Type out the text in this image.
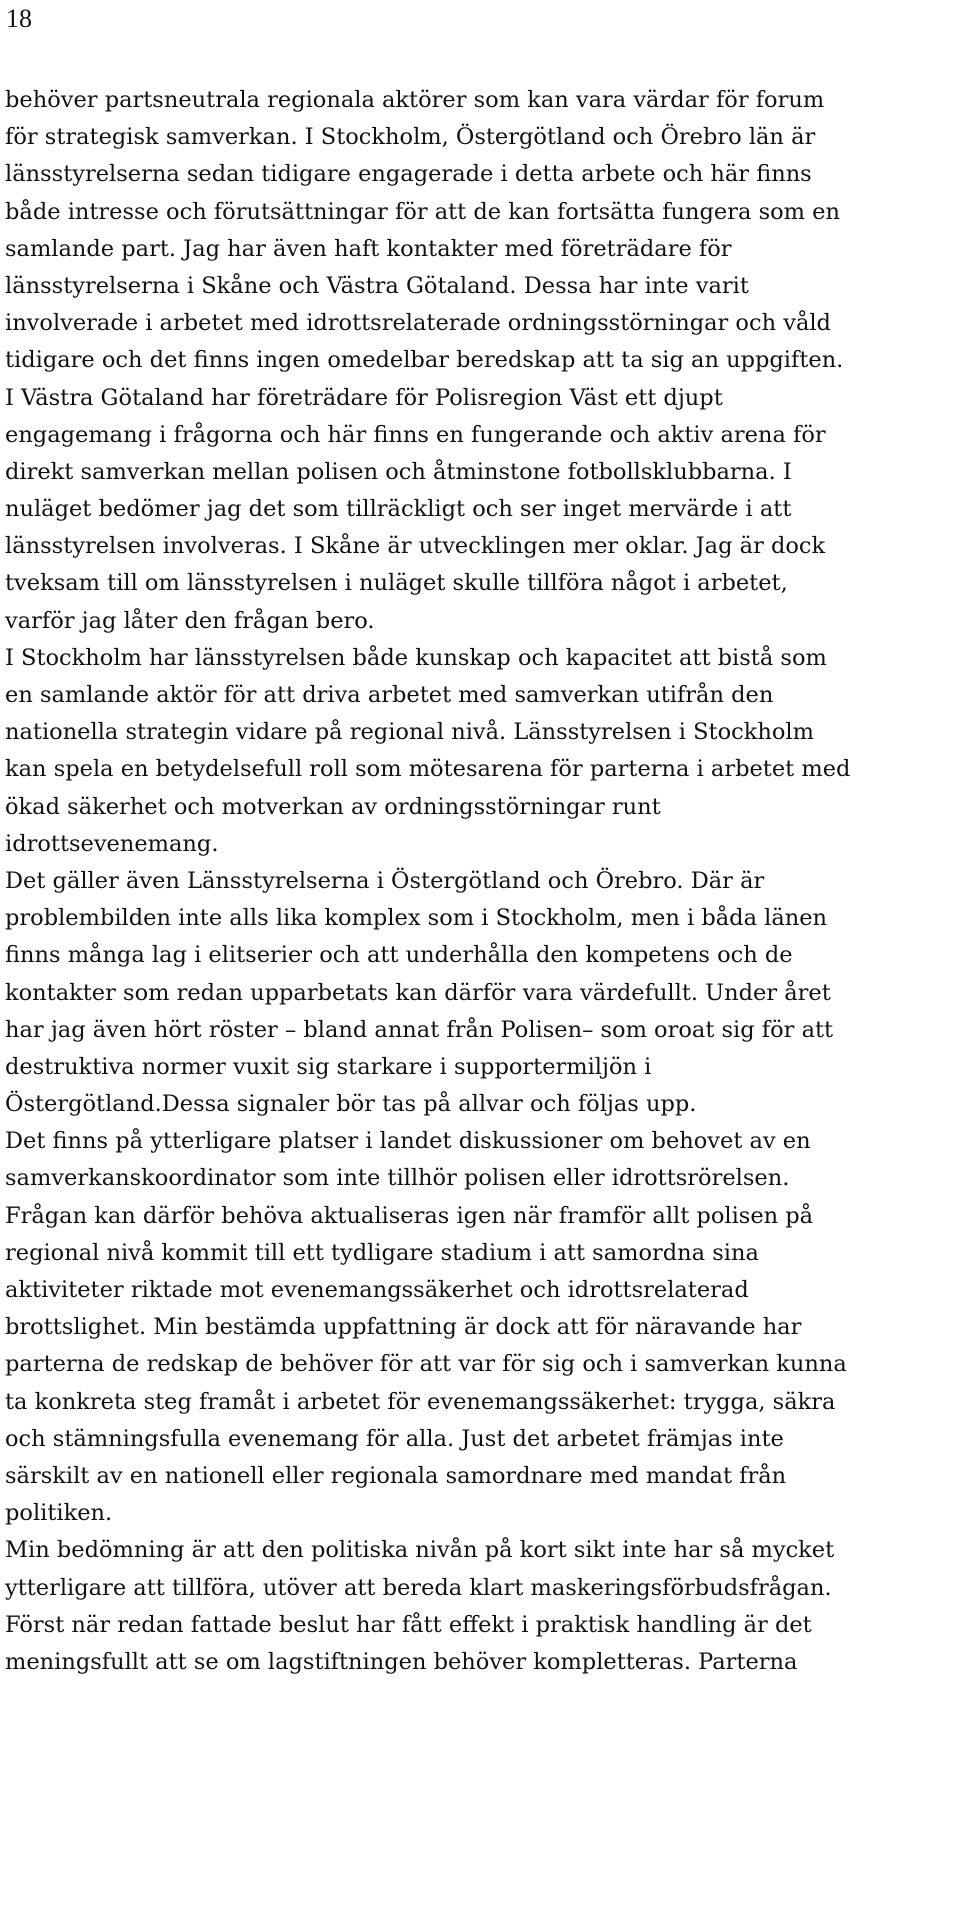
18

behöver partsneutrala regionala aktörer som kan vara värdar för forum
för strategisk samverkan. I Stockholm, Östergötland och Örebro län är
länsstyrelserna sedan tidigare engagerade i detta arbete och här finns
både intresse och förutsättningar för att de kan fortsätta fungera som en
samlande part. Jag har även haft kontakter med företrädare för
länsstyrelserna i Skåne och Västra Götaland. Dessa har inte varit
involverade i arbetet med idrottsrelaterade ordningsstörningar och våld
tidigare och det finns ingen omedelbar beredskap att ta sig an uppgiften.
I Västra Götaland har företrädare för Polisregion Väst ett djupt
engagemang i frågorna och här finns en fungerande och aktiv arena för
direkt samverkan mellan polisen och åtminstone fotbollsklubbarna. I
nuläget bedömer jag det som tillräckligt och ser inget mervärde i att
länsstyrelsen involveras. I Skåne är utvecklingen mer oklar. Jag är dock
tveksam till om länsstyrelsen i nuläget skulle tillföra något i arbetet,
varför jag låter den frågan bero.

I Stockholm har länsstyrelsen både kunskap och kapacitet att bistå som
en samlande aktör för att driva arbetet med samverkan utifrån den
nationella strategin vidare på regional nivå. Länsstyrelsen i Stockholm
kan spela en betydelsefull roll som mötesarena för parterna i arbetet med
ökad säkerhet och motverkan av ordningsstörningar runt
idrottsevenemang.

Det gäller även Länsstyrelserna i Östergötland och Örebro. Där är
problembilden inte alls lika komplex som i Stockholm, men i båda länen
finns många lag i elitserier och att underhålla den kompetens och de
kontakter som redan upparbetats kan därför vara värdefullt. Under året
har jag även hört röster – bland annat från Polisen– som oroat sig för att
destruktiva normer vuxit sig starkare i supportermiljön i
Östergötland.Dessa signaler bör tas på allvar och följas upp.

Det finns på ytterligare platser i landet diskussioner om behovet av en
samverkanskoordinator som inte tillhör polisen eller idrottsrörelsen.
Frågan kan därför behöva aktualiseras igen när framför allt polisen på
regional nivå kommit till ett tydligare stadium i att samordna sina
aktiviteter riktade mot evenemangssäkerhet och idrottsrelaterad
brottslighet. Min bestämda uppfattning är dock att för näravande har
parterna de redskap de behöver för att var för sig och i samverkan kunna
ta konkreta steg framåt i arbetet för evenemangssäkerhet: trygga, säkra
och stämningsfulla evenemang för alla. Just det arbetet främjas inte
särskilt av en nationell eller regionala samordnare med mandat från
politiken.

Min bedömning är att den politiska nivån på kort sikt inte har så mycket
ytterligare att tillföra, utöver att bereda klart maskeringsförbudsfrågan.
Först när redan fattade beslut har fått effekt i praktisk handling är det
meningsfullt att se om lagstiftningen behöver kompletteras. Parterna
